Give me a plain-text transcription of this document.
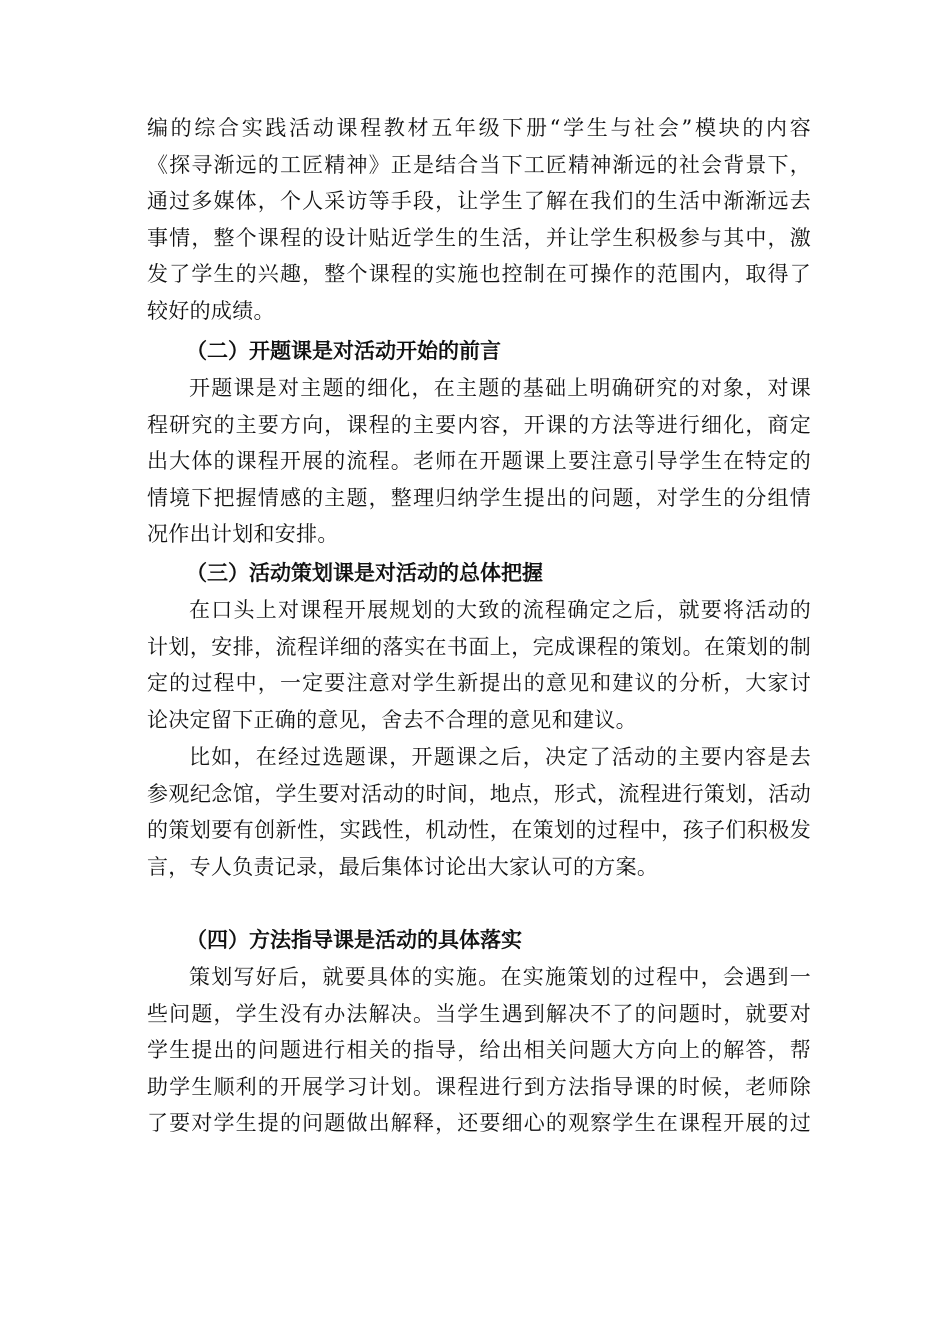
编的综合实践活动课程教材五年级下册“学生与社会”模块的内容
《探寻渐远的工匠精神》正是结合当下工匠精神渐远的社会背景下，
通过多媒体，个人采访等手段，让学生了解在我们的生活中渐渐远去
事情，整个课程的设计贴近学生的生活，并让学生积极参与其中，激
发了学生的兴趣，整个课程的实施也控制在可操作的范围内，取得了
较好的成绩。
（二）开题课是对活动开始的前言
开题课是对主题的细化，在主题的基础上明确研究的对象，对课
程研究的主要方向，课程的主要内容，开课的方法等进行细化，商定
出大体的课程开展的流程。老师在开题课上要注意引导学生在特定的
情境下把握情感的主题，整理归纳学生提出的问题，对学生的分组情
况作出计划和安排。
（三）活动策划课是对活动的总体把握
在口头上对课程开展规划的大致的流程确定之后，就要将活动的
计划，安排，流程详细的落实在书面上，完成课程的策划。在策划的制
定的过程中，一定要注意对学生新提出的意见和建议的分析，大家讨
论决定留下正确的意见，舍去不合理的意见和建议。
比如，在经过选题课，开题课之后，决定了活动的主要内容是去
参观纪念馆，学生要对活动的时间，地点，形式，流程进行策划，活动
的策划要有创新性，实践性，机动性，在策划的过程中，孩子们积极发
言，专人负责记录，最后集体讨论出大家认可的方案。
（四）方法指导课是活动的具体落实
策划写好后，就要具体的实施。在实施策划的过程中，会遇到一
些问题，学生没有办法解决。当学生遇到解决不了的问题时，就要对
学生提出的问题进行相关的指导，给出相关问题大方向上的解答，帮
助学生顺利的开展学习计划。课程进行到方法指导课的时候，老师除
了要对学生提的问题做出解释，还要细心的观察学生在课程开展的过
